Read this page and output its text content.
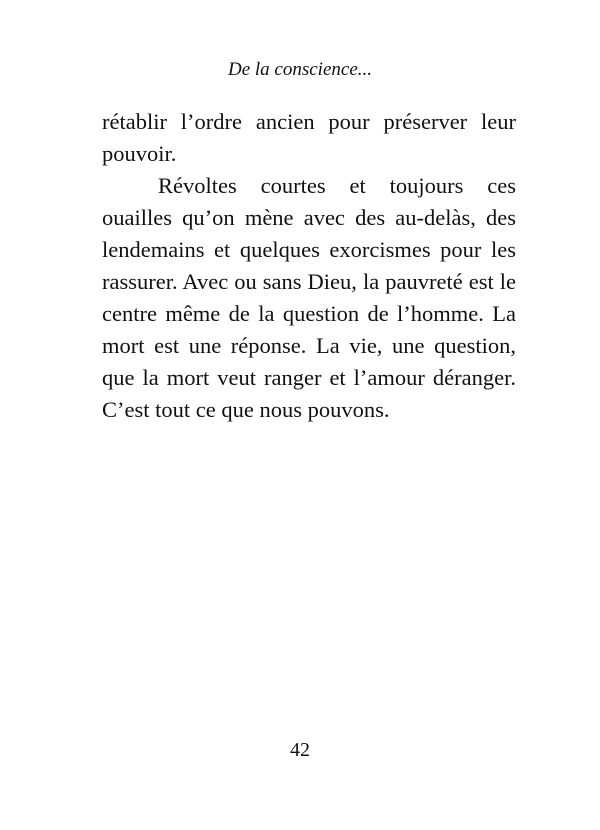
De la conscience...

rétablir l’ordre ancien pour préserver leur pouvoir.

Révoltes courtes et toujours ces ouailles qu’on mène avec des au-delàs, des lendemains et quelques exorcismes pour les rassurer. Avec ou sans Dieu, la pauvreté est le centre même de la question de l’homme. La mort est une réponse. La vie, une question, que la mort veut ranger et l’amour déranger. C’est tout ce que nous pouvons.

42
